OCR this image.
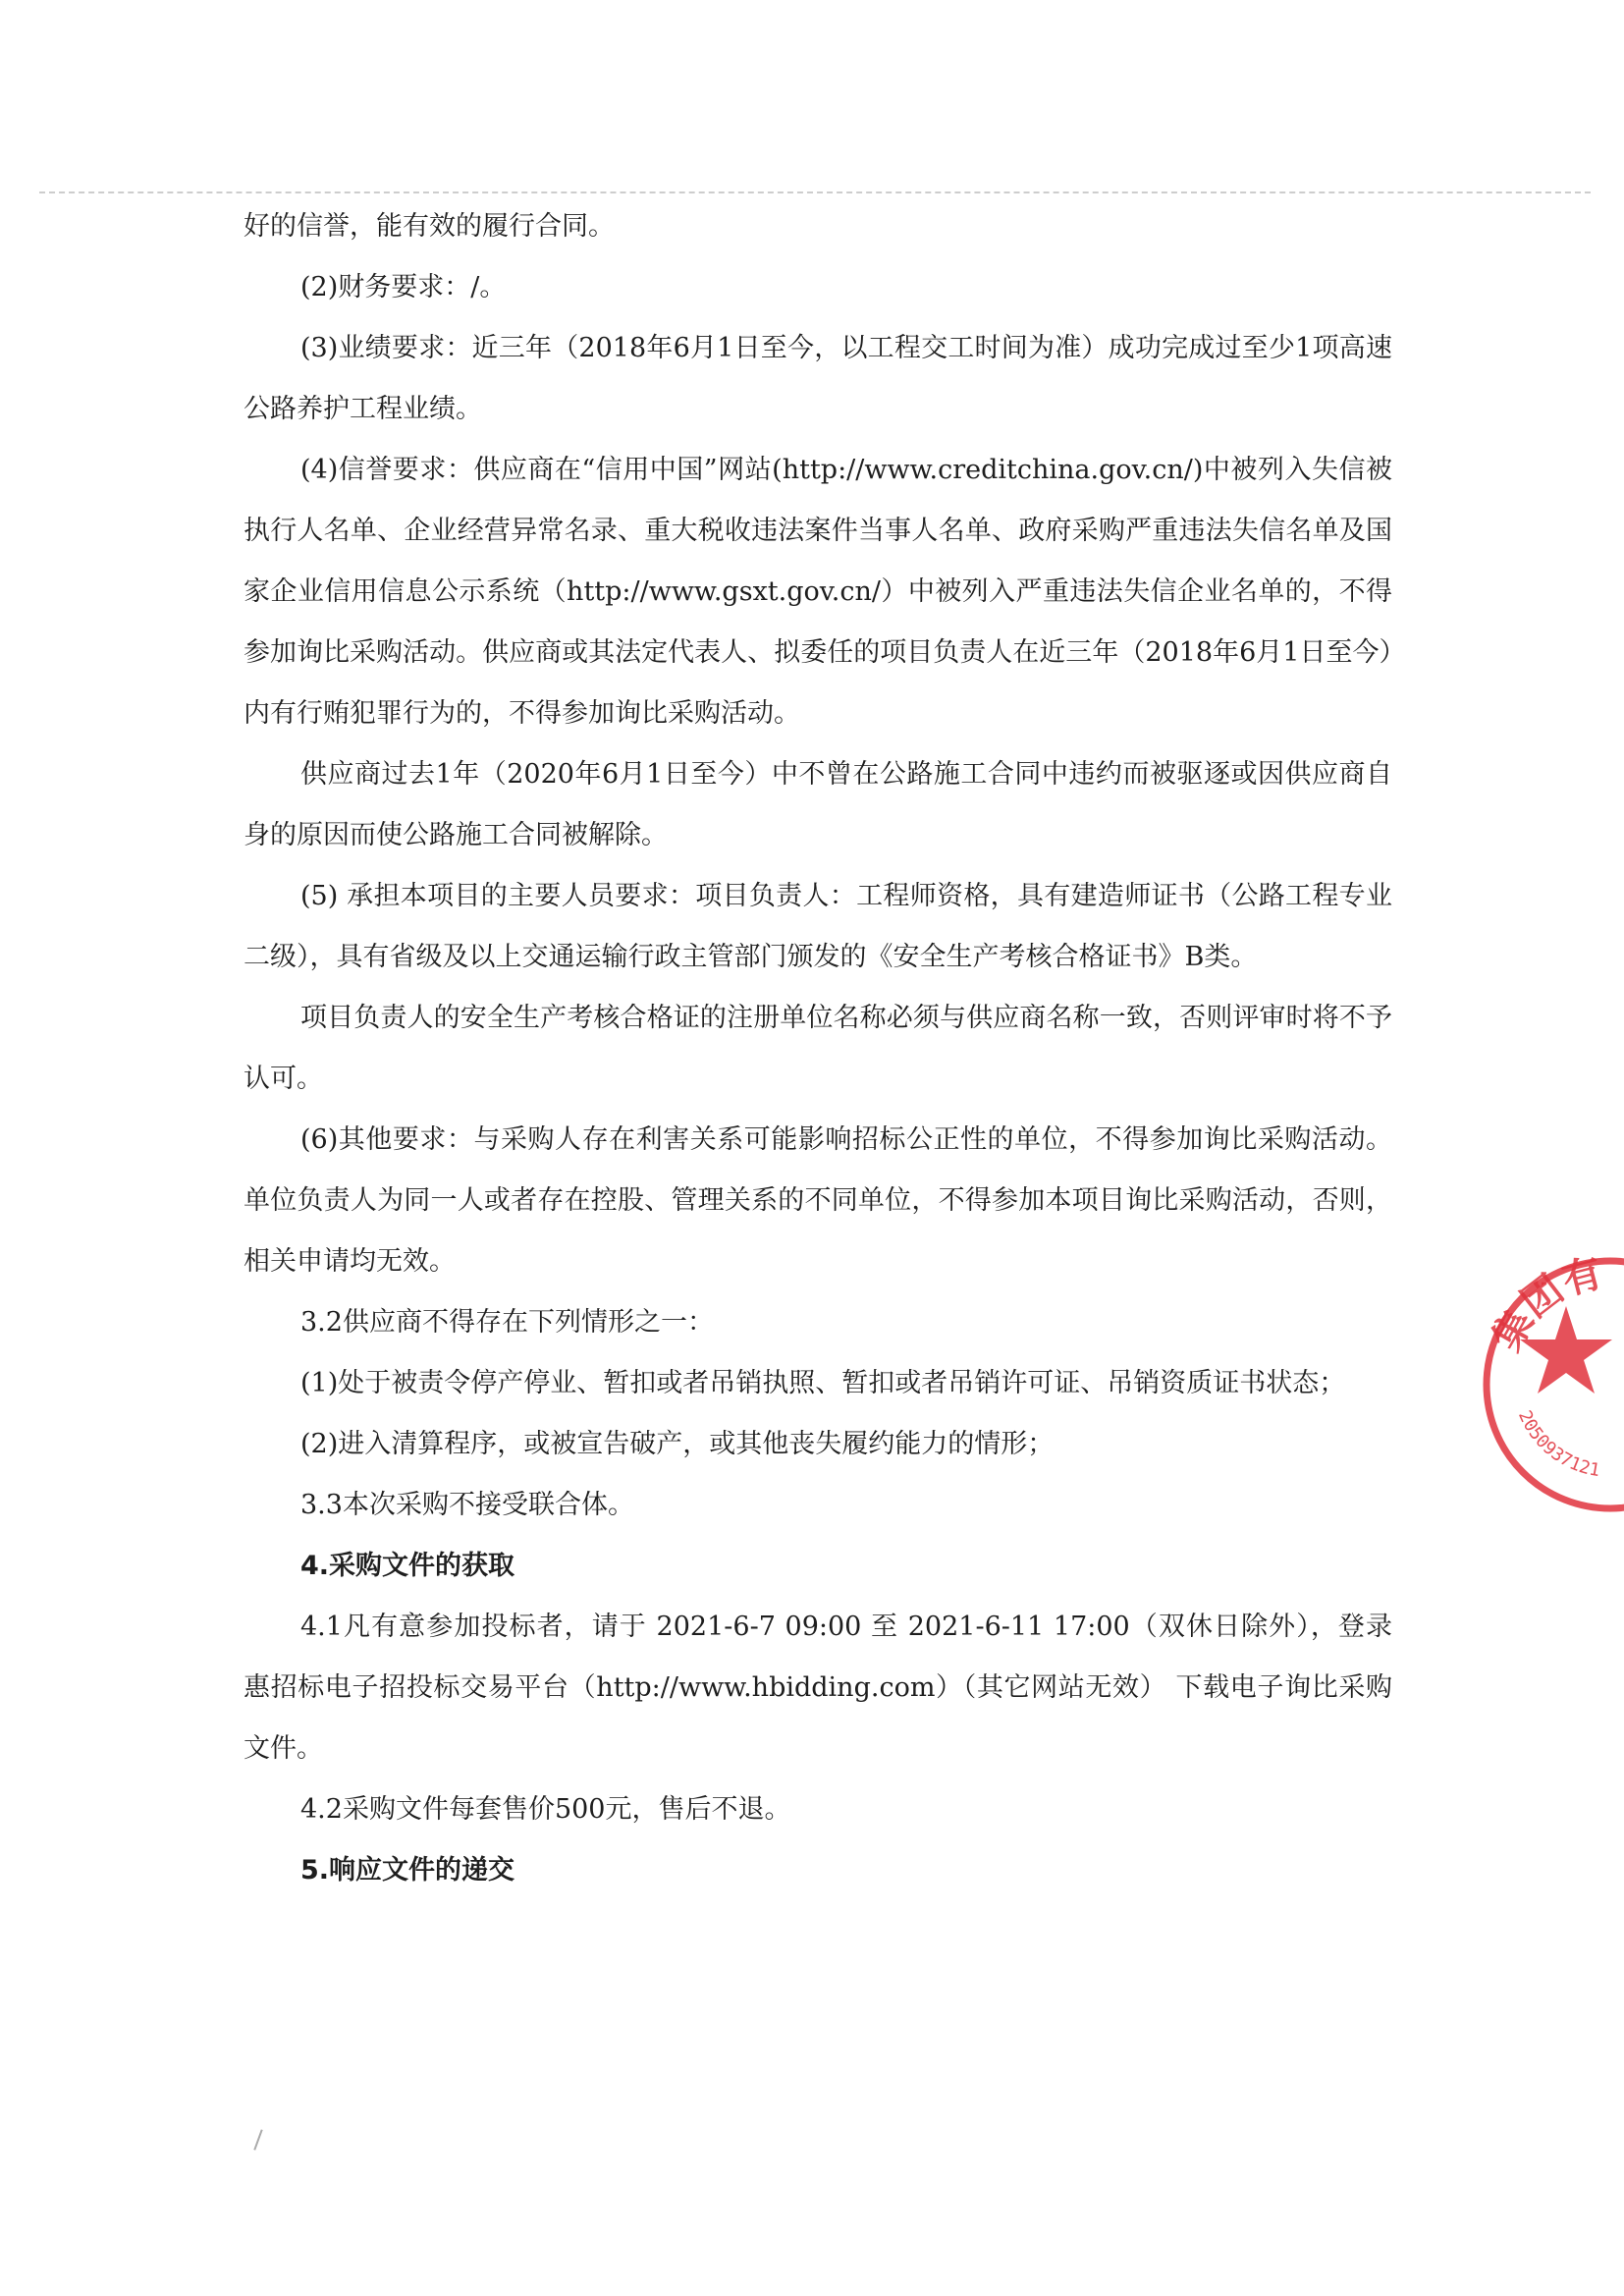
好的信誉，能有效的履行合同。

(2)财务要求：/。

(3)业绩要求：近三年（2018年6月1日至今，以工程交工时间为准）成功完成过至少1项高速公路养护工程业绩。

(4)信誉要求：供应商在“信用中国”网站(http://www.creditchina.gov.cn/)中被列入失信被执行人名单、企业经营异常名录、重大税收违法案件当事人名单、政府采购严重违法失信名单及国家企业信用信息公示系统（http://www.gsxt.gov.cn/）中被列入严重违法失信企业名单的，不得参加询比采购活动。供应商或其法定代表人、拟委任的项目负责人在近三年（2018年6月1日至今）内有行贿犯罪行为的，不得参加询比采购活动。

供应商过去1年（2020年6月1日至今）中不曾在公路施工合同中违约而被驱逐或因供应商自身的原因而使公路施工合同被解除。

(5) 承担本项目的主要人员要求：项目负责人：工程师资格，具有建造师证书（公路工程专业二级），具有省级及以上交通运输行政主管部门颁发的《安全生产考核合格证书》B类。

项目负责人的安全生产考核合格证的注册单位名称必须与供应商名称一致，否则评审时将不予认可。

(6)其他要求：与采购人存在利害关系可能影响招标公正性的单位，不得参加询比采购活动。单位负责人为同一人或者存在控股、管理关系的不同单位，不得参加本项目询比采购活动，否则，相关申请均无效。

3.2供应商不得存在下列情形之一：

(1)处于被责令停产停业、暂扣或者吊销执照、暂扣或者吊销许可证、吊销资质证书状态；

(2)进入清算程序，或被宣告破产，或其他丧失履约能力的情形；

3.3本次采购不接受联合体。

4.采购文件的获取

4.1凡有意参加投标者，请于 2021-6-7 09:00 至 2021-6-11 17:00（双休日除外），登录 惠招标电子招投标交易平台（http://www.hbidding.com）（其它网站无效） 下载电子询比采购文件。

4.2采购文件每套售价500元，售后不退。

5.响应文件的递交

集团有
2050937121
